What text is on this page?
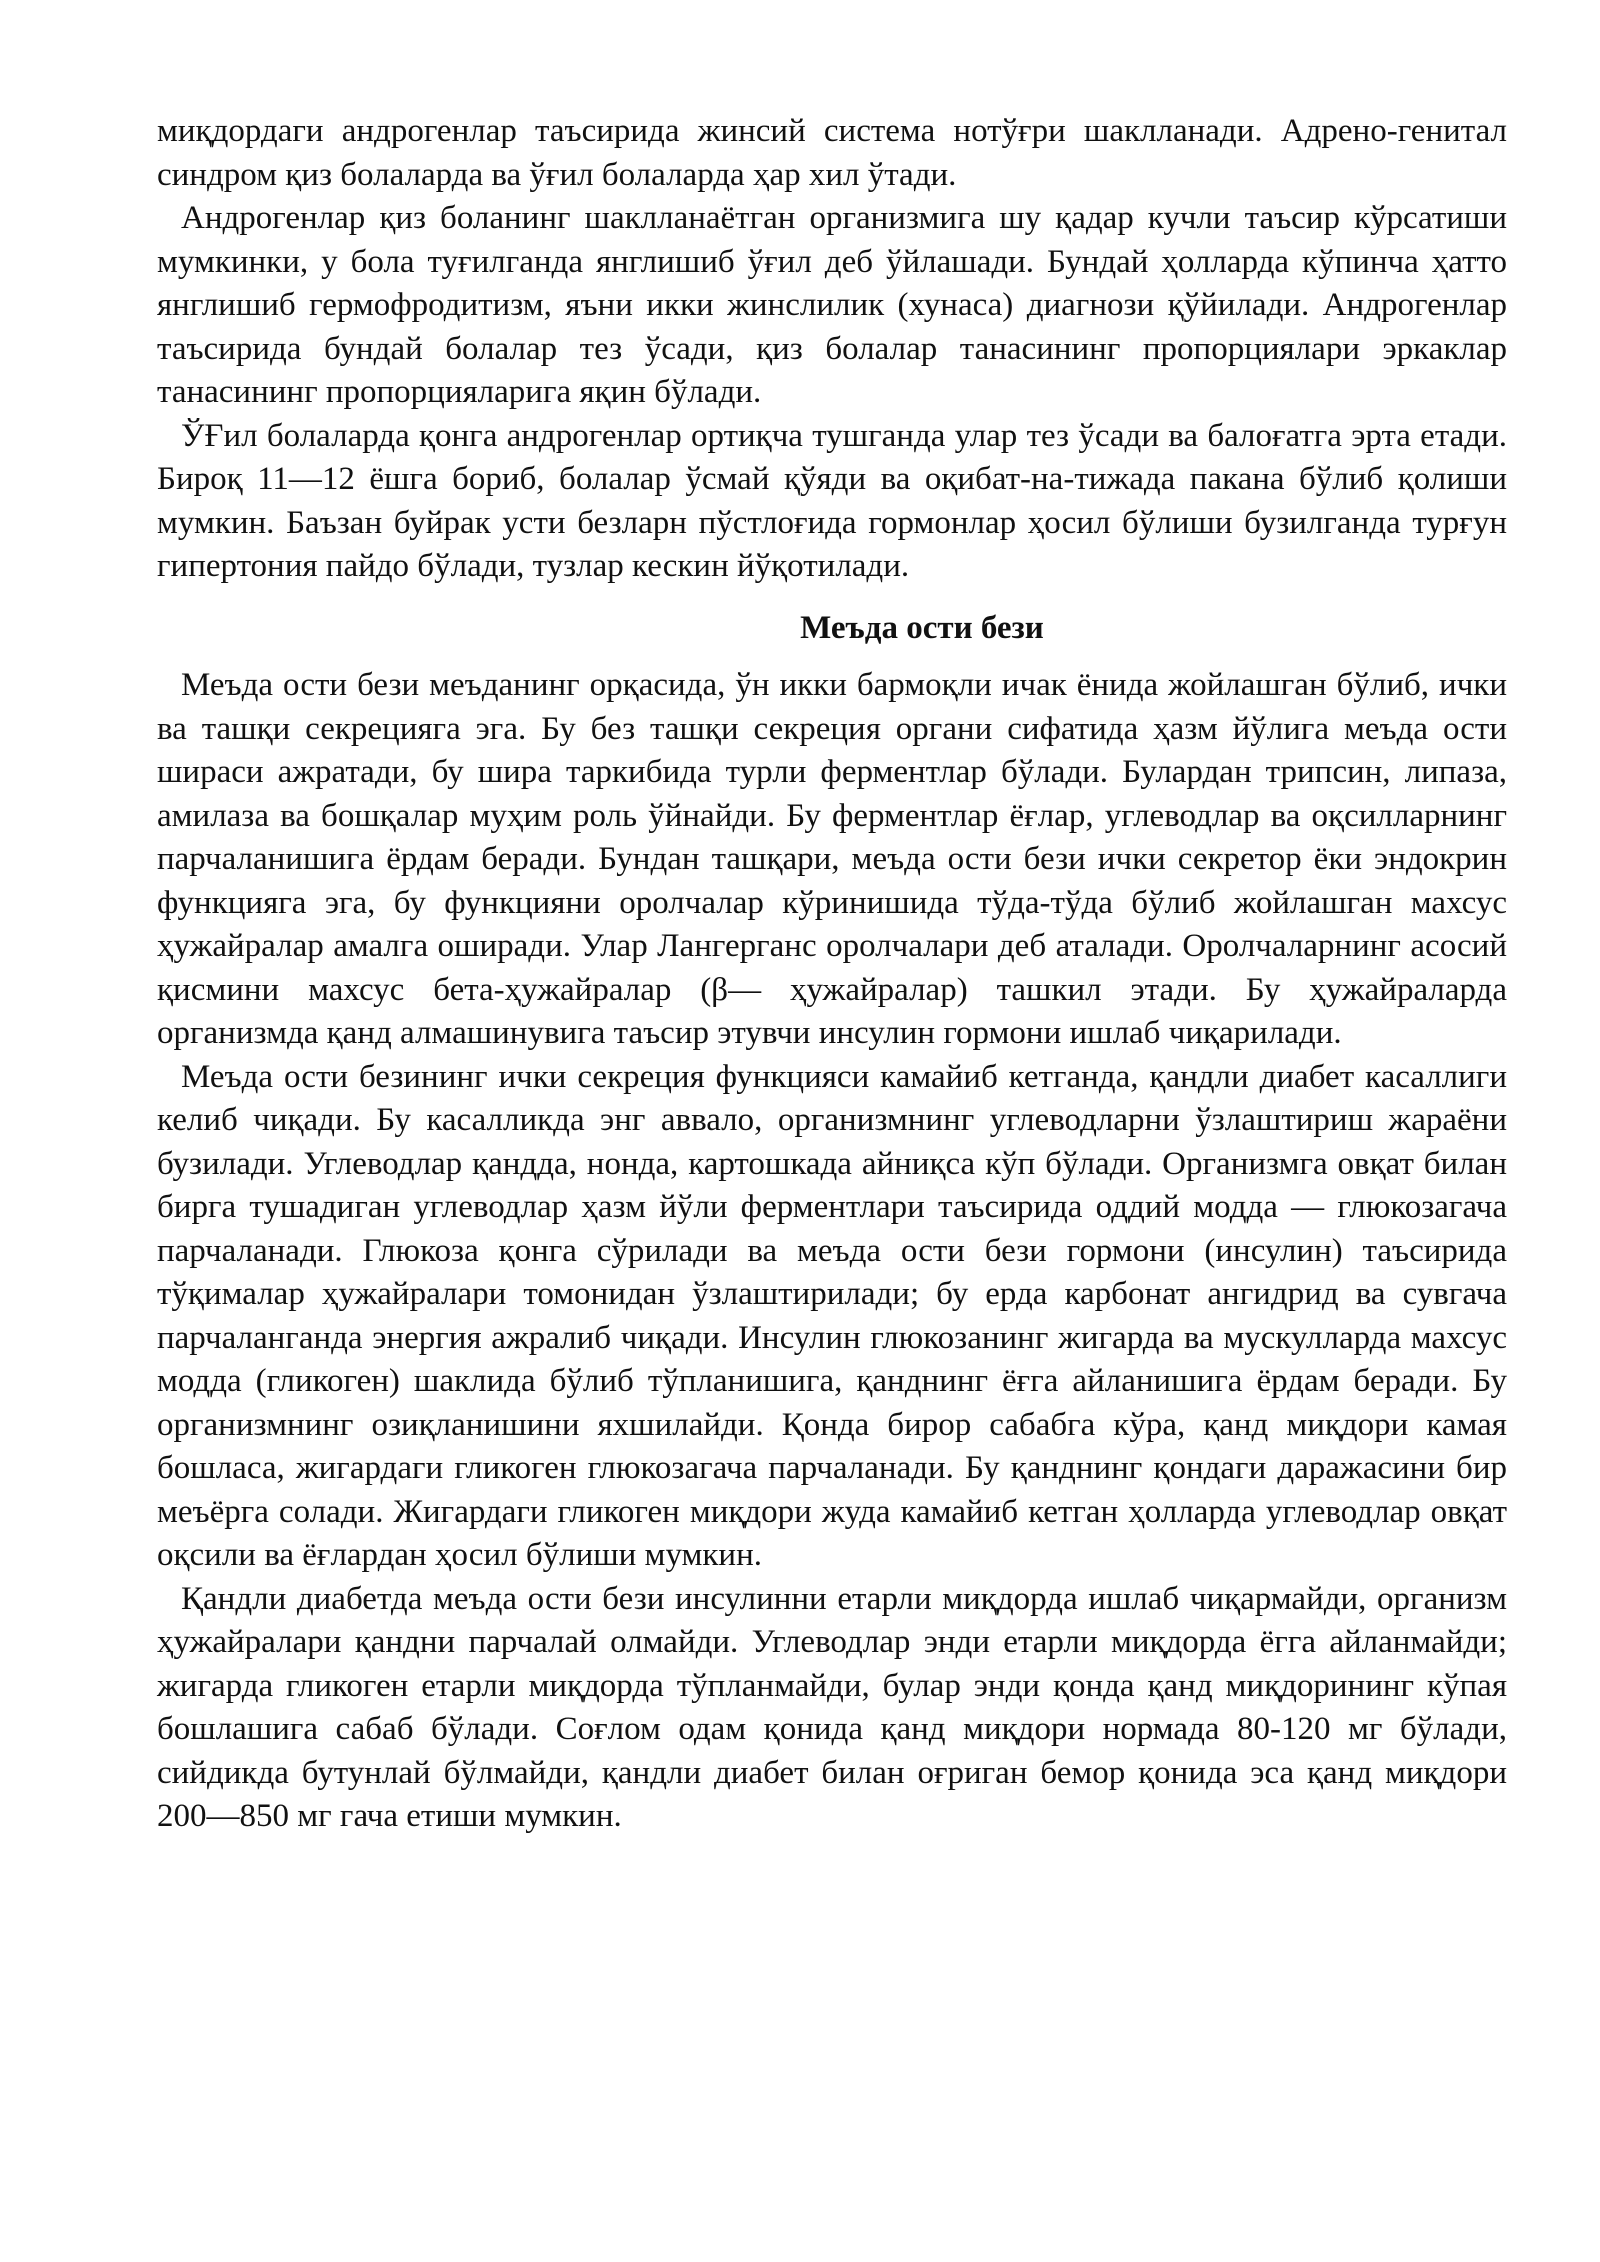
миқдордаги андрогенлар таъсирида жинсий система нотўғри шаклланади. Адрено-генитал синдром қиз болаларда ва ўғил болаларда ҳар хил ўтади.

Андрогенлар қиз боланинг шаклланаётган организмига шу қадар кучли таъсир кўрсатиши мумкинки, у бола туғилганда янглишиб ўғил деб ўйлашади. Бундай ҳолларда кўпинча ҳатто янглишиб гермофродитизм, яъни икки жинслилик (хунаса) диагнози қўйилади. Андрогенлар таъсирида бундай болалар тез ўсади, қиз болалар танасининг пропорциялари эркаклар танасининг пропорцияларига яқин бўлади.

ЎҒил болаларда қонга андрогенлар ортиқча тушганда улар тез ўсади ва балоғатга эрта етади. Бироқ 11—12 ёшга бориб, болалар ўсмай қўяди ва оқибат-на-тижада пакана бўлиб қолиши мумкин. Баъзан буйрак усти безларн пўстлоғида гормонлар ҳосил бўлиши бузилганда турғун гипертония пайдо бўлади, тузлар кескин йўқотилади.

Меъда ости бези

Меъда ости бези меъданинг орқасида, ўн икки бармоқли ичак ёнида жойлашган бўлиб, ички ва ташқи секрецияга эга. Бу без ташқи секреция органи сифатида ҳазм йўлига меъда ости шираси ажратади, бу шира таркибида турли ферментлар бўлади. Булардан трипсин, липаза, амилаза ва бошқалар муҳим роль ўйнайди. Бу ферментлар ёғлар, углеводлар ва оқсилларнинг парчаланишига ёрдам беради. Бундан ташқари, меъда ости бези ички секретор ёки эндокрин функцияга эга, бу функцияни оролчалар кўринишида тўда-тўда бўлиб жойлашган махсус ҳужайралар амалга оширади. Улар Лангерганс оролчалари деб аталади. Оролчаларнинг асосий қисмини махсус бета-ҳужайралар (β— ҳужайралар) ташкил этади. Бу ҳужайраларда организмда қанд алмашинувига таъсир этувчи инсулин гормони ишлаб чиқарилади.

Меъда ости безининг ички секреция функцияси камайиб кетганда, қандли диабет касаллиги келиб чиқади. Бу касалликда энг аввало, организмнинг углеводларни ўзлаштириш жараёни бузилади. Углеводлар қандда, нонда, картошкада айниқса кўп бўлади. Организмга овқат билан бирга тушадиган углеводлар ҳазм йўли ферментлари таъсирида оддий модда — глюкозагача парчаланади. Глюкоза қонга сўрилади ва меъда ости бези гормони (инсулин) таъсирида тўқималар ҳужайралари томонидан ўзлаштирилади; бу ерда карбонат ангидрид ва сувгача парчаланганда энергия ажралиб чиқади. Инсулин глюкозанинг жигарда ва мускулларда махсус модда (гликоген) шаклида бўлиб тўпланишига, қанднинг ёғга айланишига ёрдам беради. Бу организмнинг озиқланишини яхшилайди. Қонда бирор сабабга кўра, қанд миқдори камая бошласа, жигардаги гликоген глюкозагача парчаланади. Бу қанднинг қондаги даражасини бир меъёрга солади. Жигардаги гликоген миқдори жуда камайиб кетган ҳолларда углеводлар овқат оқсили ва ёғлардан ҳосил бўлиши мумкин.

Қандли диабетда меъда ости бези инсулинни етарли миқдорда ишлаб чиқармайди, организм ҳужайралари қандни парчалай олмайди. Углеводлар энди етарли миқдорда ёгга айланмайди; жигарда гликоген етарли миқдорда тўпланмайди, булар энди қонда қанд миқдорининг кўпая бошлашига сабаб бўлади. Соғлом одам қонида қанд миқдори нормада 80-120 мг бўлади, сийдикда бутунлай бўлмайди, қандли диабет билан оғриган бемор қонида эса қанд миқдори 200—850 мг гача етиши мумкин.
